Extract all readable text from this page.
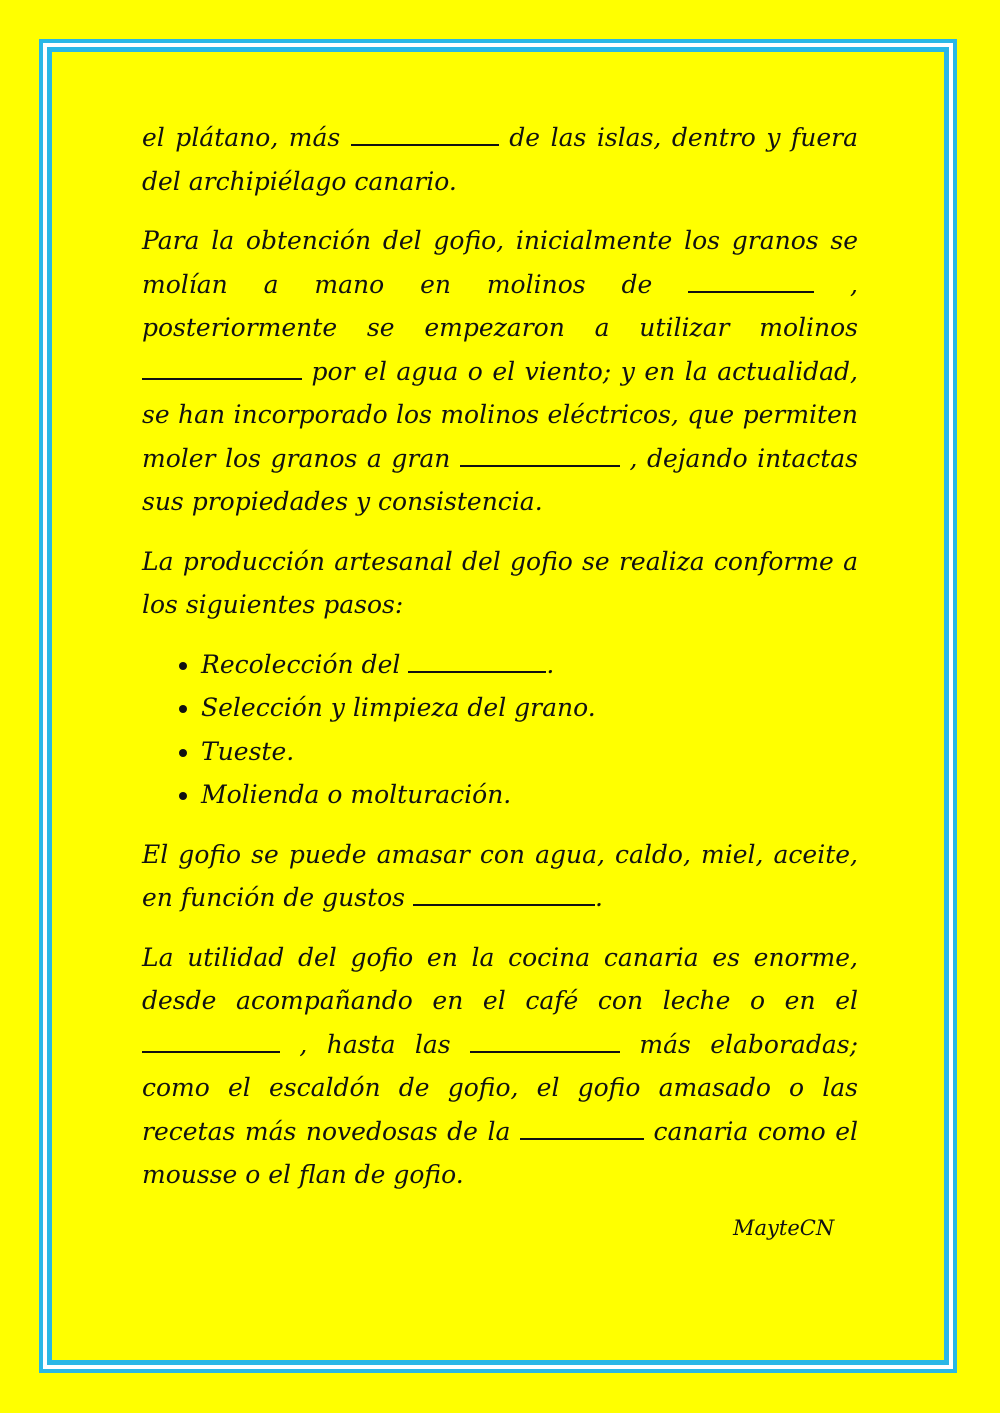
el plátano, más	de las islas, dentro y fuera del archipiélago canario.

Para la obtención del gofio, inicialmente los granos se molían a mano en molinos de	, posteriormente se empezaron a utilizar molinos  por el agua o el viento; y en la actualidad, se han incorporado los molinos eléctricos, que permiten moler los granos a gran	, dejando intactas sus propiedades y consistencia.

La producción artesanal del gofio se realiza conforme a los siguientes pasos:

• Recolección del	.
• Selección y limpieza del grano.
• Tueste.
• Molienda o molturación.

El gofio se puede amasar con agua, caldo, miel, aceite, en función de gustos	.

La utilidad del gofio en la cocina canaria es enorme, desde acompañando en el café con leche o en el  , hasta las	más elaboradas; como el escaldón de gofio, el gofio amasado o las recetas más novedosas de la	canaria como el mousse o el flan de gofio.

MayteCN
